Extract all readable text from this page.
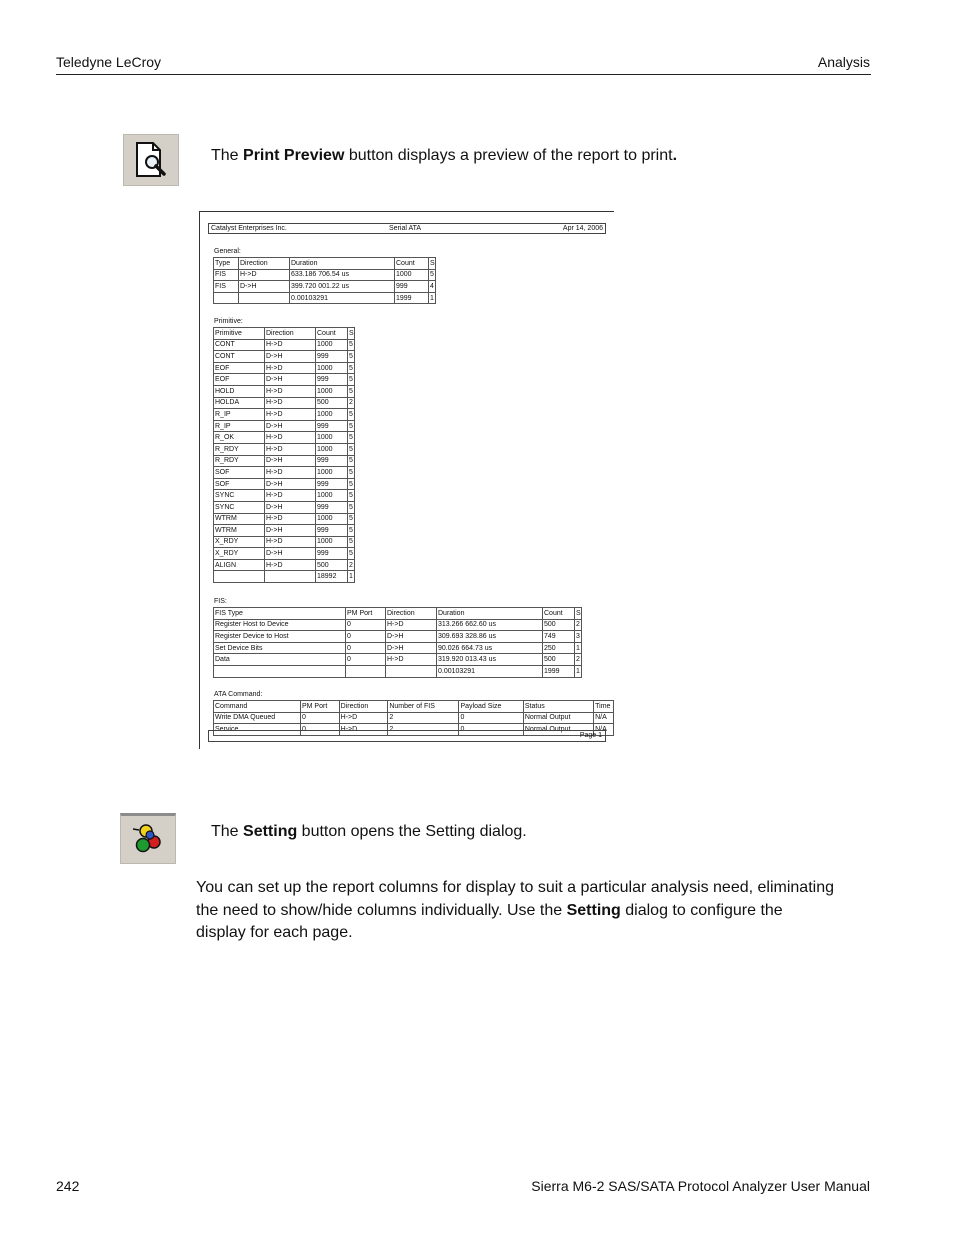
Teledyne LeCroy	Analysis
The Print Preview button displays a preview of the report to print.
Catalyst Enterprises Inc.	Serial ATA	Apr 14, 2006
General:
Type	Direction	Duration	Count	S
FIS	H->D	633.186 706.54 us	1000	5
FIS	D->H	399.720 001.22 us	999	4
		0.00103291	1999	1
Primitive:
Primitive	Direction	Count	S
CONT	H->D	1000	5
CONT	D->H	999	5
EOF	H->D	1000	5
EOF	D->H	999	5
HOLD	H->D	1000	5
HOLDA	H->D	500	2
R_IP	H->D	1000	5
R_IP	D->H	999	5
R_OK	H->D	1000	5
R_RDY	H->D	1000	5
R_RDY	D->H	999	5
SOF	H->D	1000	5
SOF	D->H	999	5
SYNC	H->D	1000	5
SYNC	D->H	999	5
WTRM	H->D	1000	5
WTRM	D->H	999	5
X_RDY	H->D	1000	5
X_RDY	D->H	999	5
ALIGN	H->D	500	2
		18992	1
FIS:
FIS Type	PM Port	Direction	Duration	Count	S
Register Host to Device	0	H->D	313.266 662.60 us	500	2
Register Device to Host	0	D->H	309.693 328.86 us	749	3
Set Device Bits	0	D->H	90.026 664.73 us	250	1
Data	0	H->D	319.920 013.43 us	500	2
			0.00103291	1999	1
ATA Command:
Command	PM Port	Direction	Number of FIS	Payload Size	Status	Time
Write DMA Queued	0	H->D	2	0	Normal Output	N/A
Service	0	H->D	2	0	Normal Output	N/A
Page 1
The Setting button opens the Setting dialog.
You can set up the report columns for display to suit a particular analysis need, eliminating the need to show/hide columns individually. Use the Setting dialog to configure the display for each page.
242	Sierra M6-2 SAS/SATA Protocol Analyzer User Manual
